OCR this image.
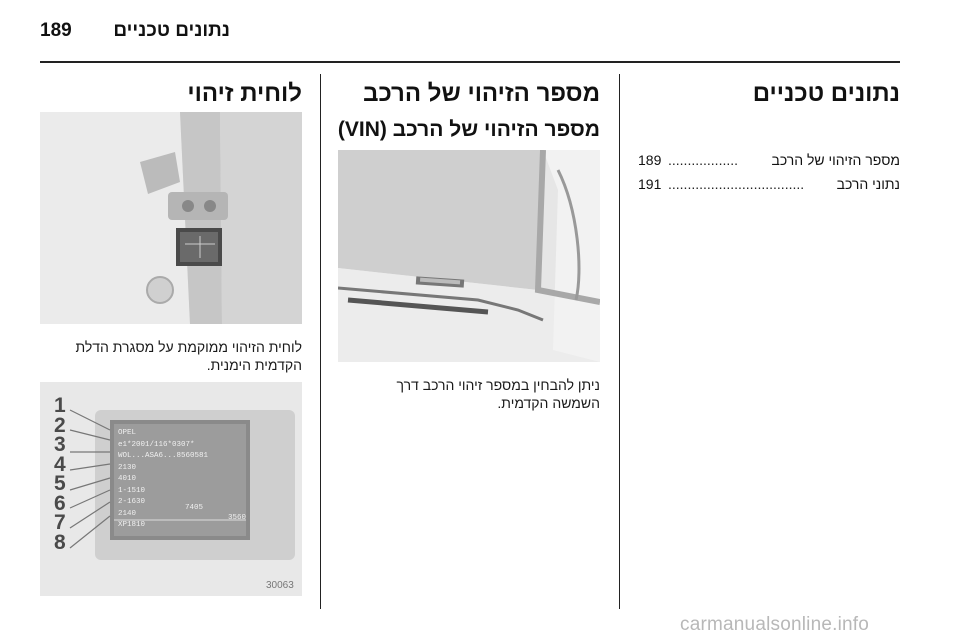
189	נתונים טכניים
נתונים טכניים
189 ..................	מספר הזיהוי של הרכב
191 ...................................	נתוני הרכב
מספר הזיהוי של הרכב
מספר הזיהוי של הרכב (VIN)
ניתן להבחין במספר זיהוי הרכב דרך
השמשה הקדמית.
לוחית זיהוי
לוחית הזיהוי ממוקמת על מסגרת הדלת
הקדמית הימנית.
1
2
3
4
5
6
7
8
OPEL
e1*2001/116*0307*
WOL...ASA6...8560581
2130
4010
1-1510
2-1630
2140
XP1810
7405
3560
30063
carmanualsonline.info
